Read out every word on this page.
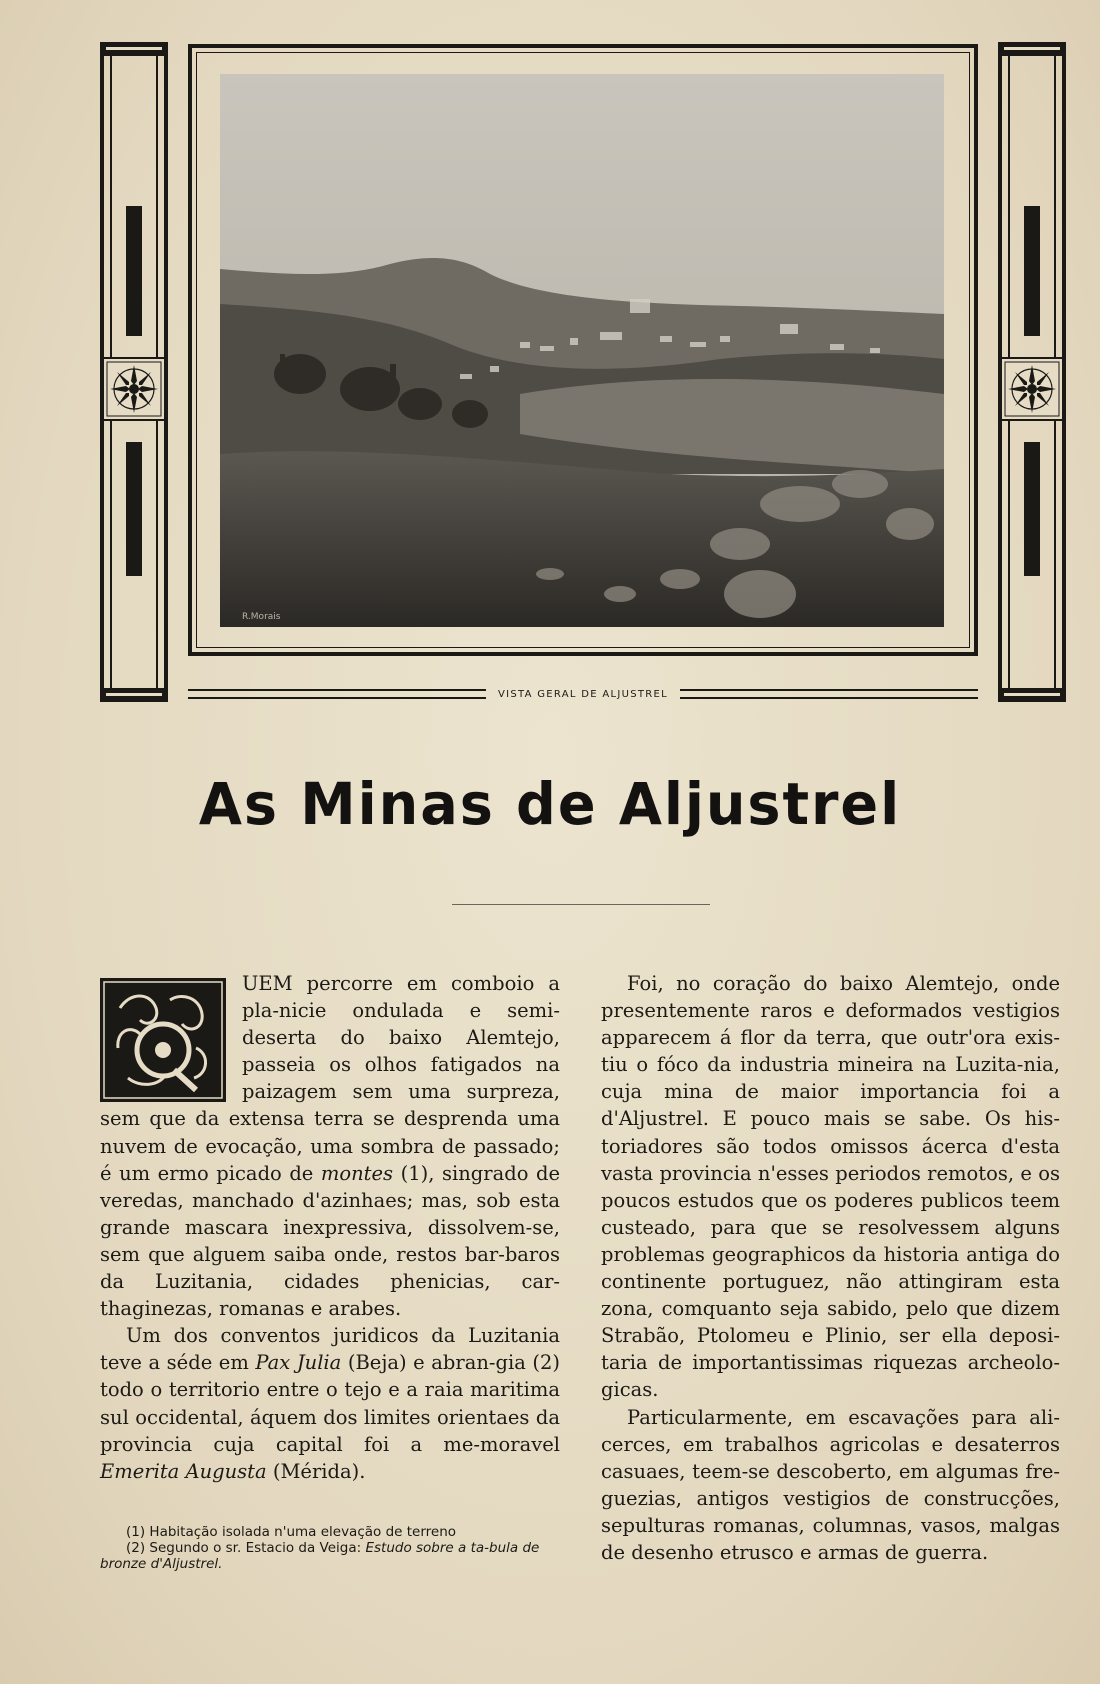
R.Morais
VISTA GERAL DE ALJUSTREL
As Minas de Aljustrel

UEM percorre em comboio a pla-nicie ondulada e semi-deserta do baixo Alemtejo, passeia os olhos fatigados na paizagem sem uma surpreza, sem que da extensa terra se desprenda uma nuvem de evocação, uma sombra de passado; é um ermo picado de montes (1), singrado de veredas, manchado d'azinhaes; mas, sob esta grande mascara inexpressiva, dissolvem-se, sem que alguem saiba onde, restos bar-baros da Luzitania, cidades phenicias, car-thaginezas, romanas e arabes.

Um dos conventos juridicos da Luzitania teve a séde em Pax Julia (Beja) e abran-gia (2) todo o territorio entre o tejo e a raia maritima sul occidental, áquem dos limites orientaes da provincia cuja capital foi a me-moravel Emerita Augusta (Mérida).

(1) Habitação isolada n'uma elevação de terreno

(2) Segundo o sr. Estacio da Veiga: Estudo sobre a ta-bula de bronze d'Aljustrel.

Foi, no coração do baixo Alemtejo, onde presentemente raros e deformados vestigios apparecem á flor da terra, que outr'ora exis-tiu o fóco da industria mineira na Luzita-nia, cuja mina de maior importancia foi a d'Aljustrel. E pouco mais se sabe. Os his-toriadores são todos omissos ácerca d'esta vasta provincia n'esses periodos remotos, e os poucos estudos que os poderes publicos teem custeado, para que se resolvessem alguns problemas geographicos da historia antiga do continente portuguez, não attingiram esta zona, comquanto seja sabido, pelo que dizem Strabão, Ptolomeu e Plinio, ser ella deposi-taria de importantissimas riquezas archeolo-gicas.

Particularmente, em escavações para ali-cerces, em trabalhos agricolas e desaterros casuaes, teem-se descoberto, em algumas fre-guezias, antigos vestigios de construcções, sepulturas romanas, columnas, vasos, malgas de desenho etrusco e armas de guerra.
